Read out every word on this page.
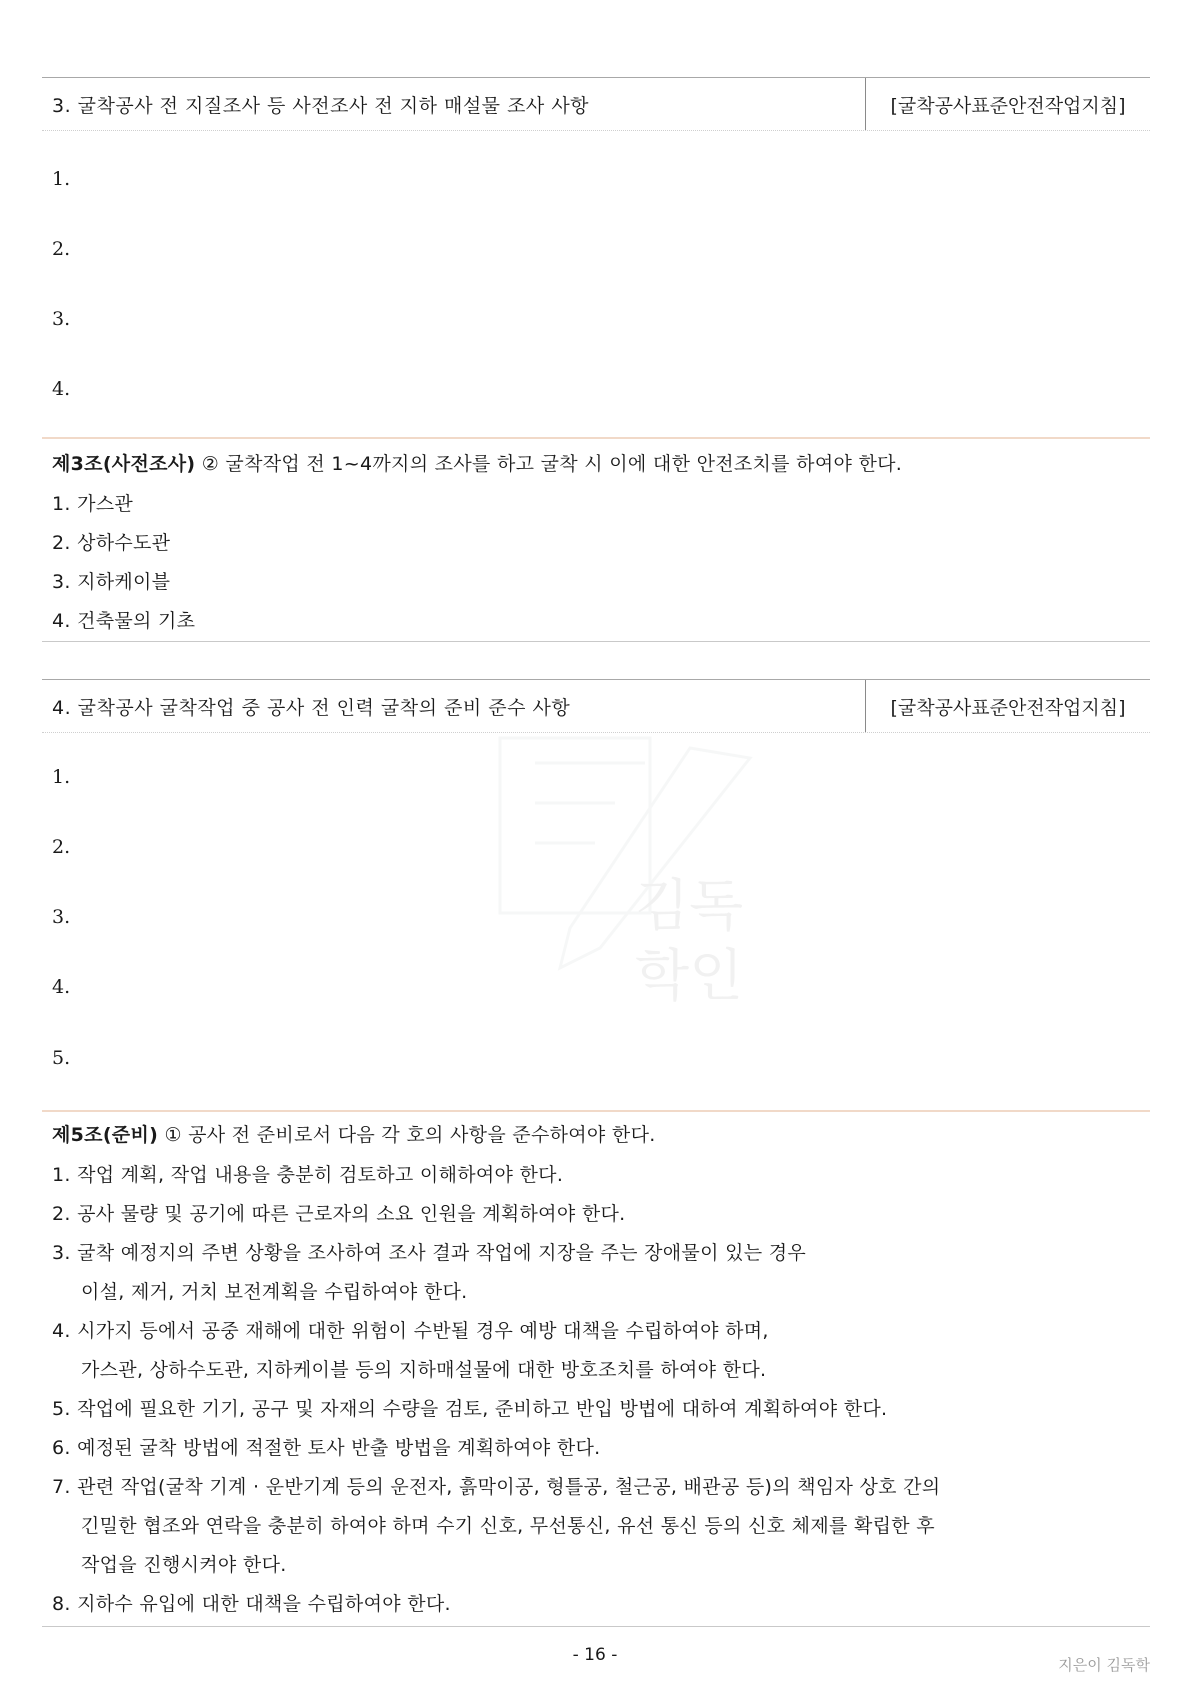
김독
학인
3. 굴착공사 전 지질조사 등 사전조사 전 지하 매설물 조사 사항	[굴착공사표준안전작업지침]
1.
2.
3.
4.
제3조(사전조사) ② 굴착작업 전 1~4까지의 조사를 하고 굴착 시 이에 대한 안전조치를 하여야 한다.
1. 가스관
2. 상하수도관
3. 지하케이블
4. 건축물의 기초
4. 굴착공사 굴착작업 중 공사 전 인력 굴착의 준비 준수 사항	[굴착공사표준안전작업지침]
1.
2.
3.
4.
5.
제5조(준비) ① 공사 전 준비로서 다음 각 호의 사항을 준수하여야 한다.
1. 작업 계획, 작업 내용을 충분히 검토하고 이해하여야 한다.
2. 공사 물량 및 공기에 따른 근로자의 소요 인원을 계획하여야 한다.
3. 굴착 예정지의 주변 상황을 조사하여 조사 결과 작업에 지장을 주는 장애물이 있는 경우
이설, 제거, 거치 보전계획을 수립하여야 한다.
4. 시가지 등에서 공중 재해에 대한 위험이 수반될 경우 예방 대책을 수립하여야 하며,
가스관, 상하수도관, 지하케이블 등의 지하매설물에 대한 방호조치를 하여야 한다.
5. 작업에 필요한 기기, 공구 및 자재의 수량을 검토, 준비하고 반입 방법에 대하여 계획하여야 한다.
6. 예정된 굴착 방법에 적절한 토사 반출 방법을 계획하여야 한다.
7. 관련 작업(굴착 기계 · 운반기계 등의 운전자, 흙막이공, 형틀공, 철근공, 배관공 등)의 책임자 상호 간의
긴밀한 협조와 연락을 충분히 하여야 하며 수기 신호, 무선통신, 유선 통신 등의 신호 체제를 확립한 후
작업을 진행시켜야 한다.
8. 지하수 유입에 대한 대책을 수립하여야 한다.
- 16 -	지은이 김독학
